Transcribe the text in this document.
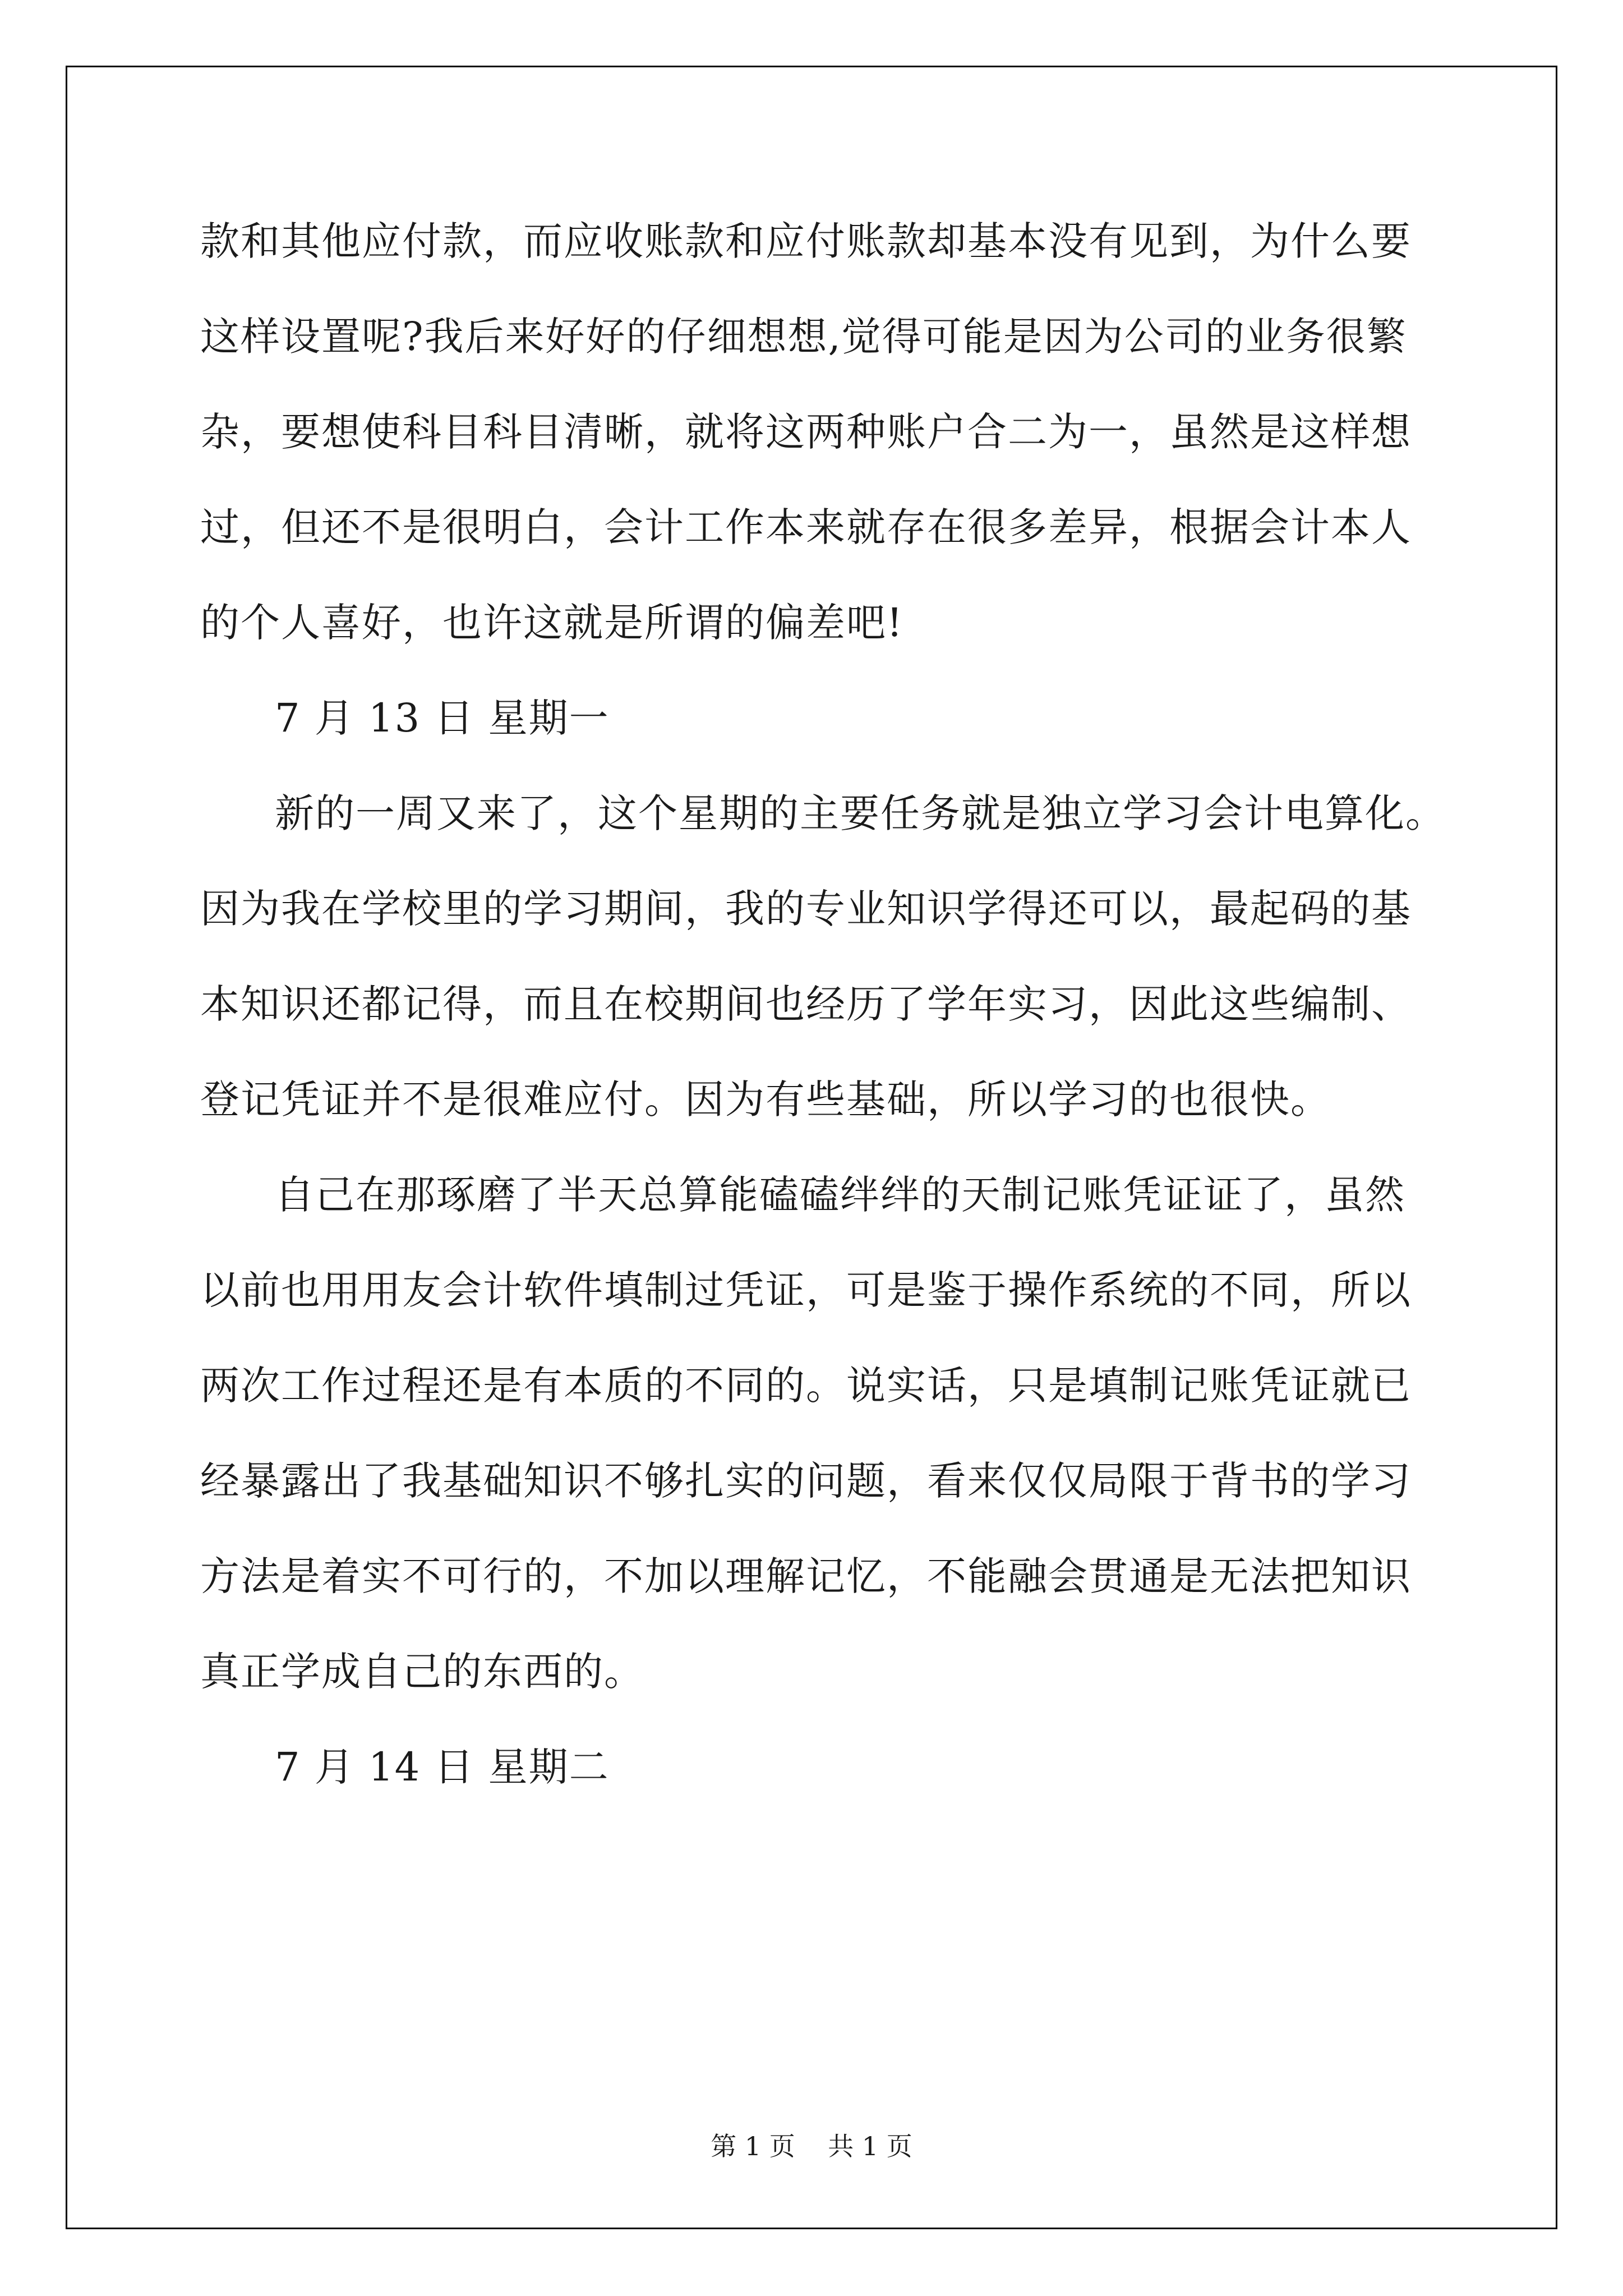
款和其他应付款，而应收账款和应付账款却基本没有见到，为什么要
这样设置呢?我后来好好的仔细想想,觉得可能是因为公司的业务很繁
杂，要想使科目科目清晰，就将这两种账户合二为一，虽然是这样想
过，但还不是很明白，会计工作本来就存在很多差异，根据会计本人
的个人喜好，也许这就是所谓的偏差吧!
7 月 13 日 星期一
新的一周又来了，这个星期的主要任务就是独立学习会计电算化。
因为我在学校里的学习期间，我的专业知识学得还可以，最起码的基
本知识还都记得，而且在校期间也经历了学年实习，因此这些编制、
登记凭证并不是很难应付。因为有些基础，所以学习的也很快。
自己在那琢磨了半天总算能磕磕绊绊的天制记账凭证证了，虽然
以前也用用友会计软件填制过凭证，可是鉴于操作系统的不同，所以
两次工作过程还是有本质的不同的。说实话，只是填制记账凭证就已
经暴露出了我基础知识不够扎实的问题，看来仅仅局限于背书的学习
方法是着实不可行的，不加以理解记忆，不能融会贯通是无法把知识
真正学成自己的东西的。
7 月 14 日 星期二
第 1 页    共 1 页
